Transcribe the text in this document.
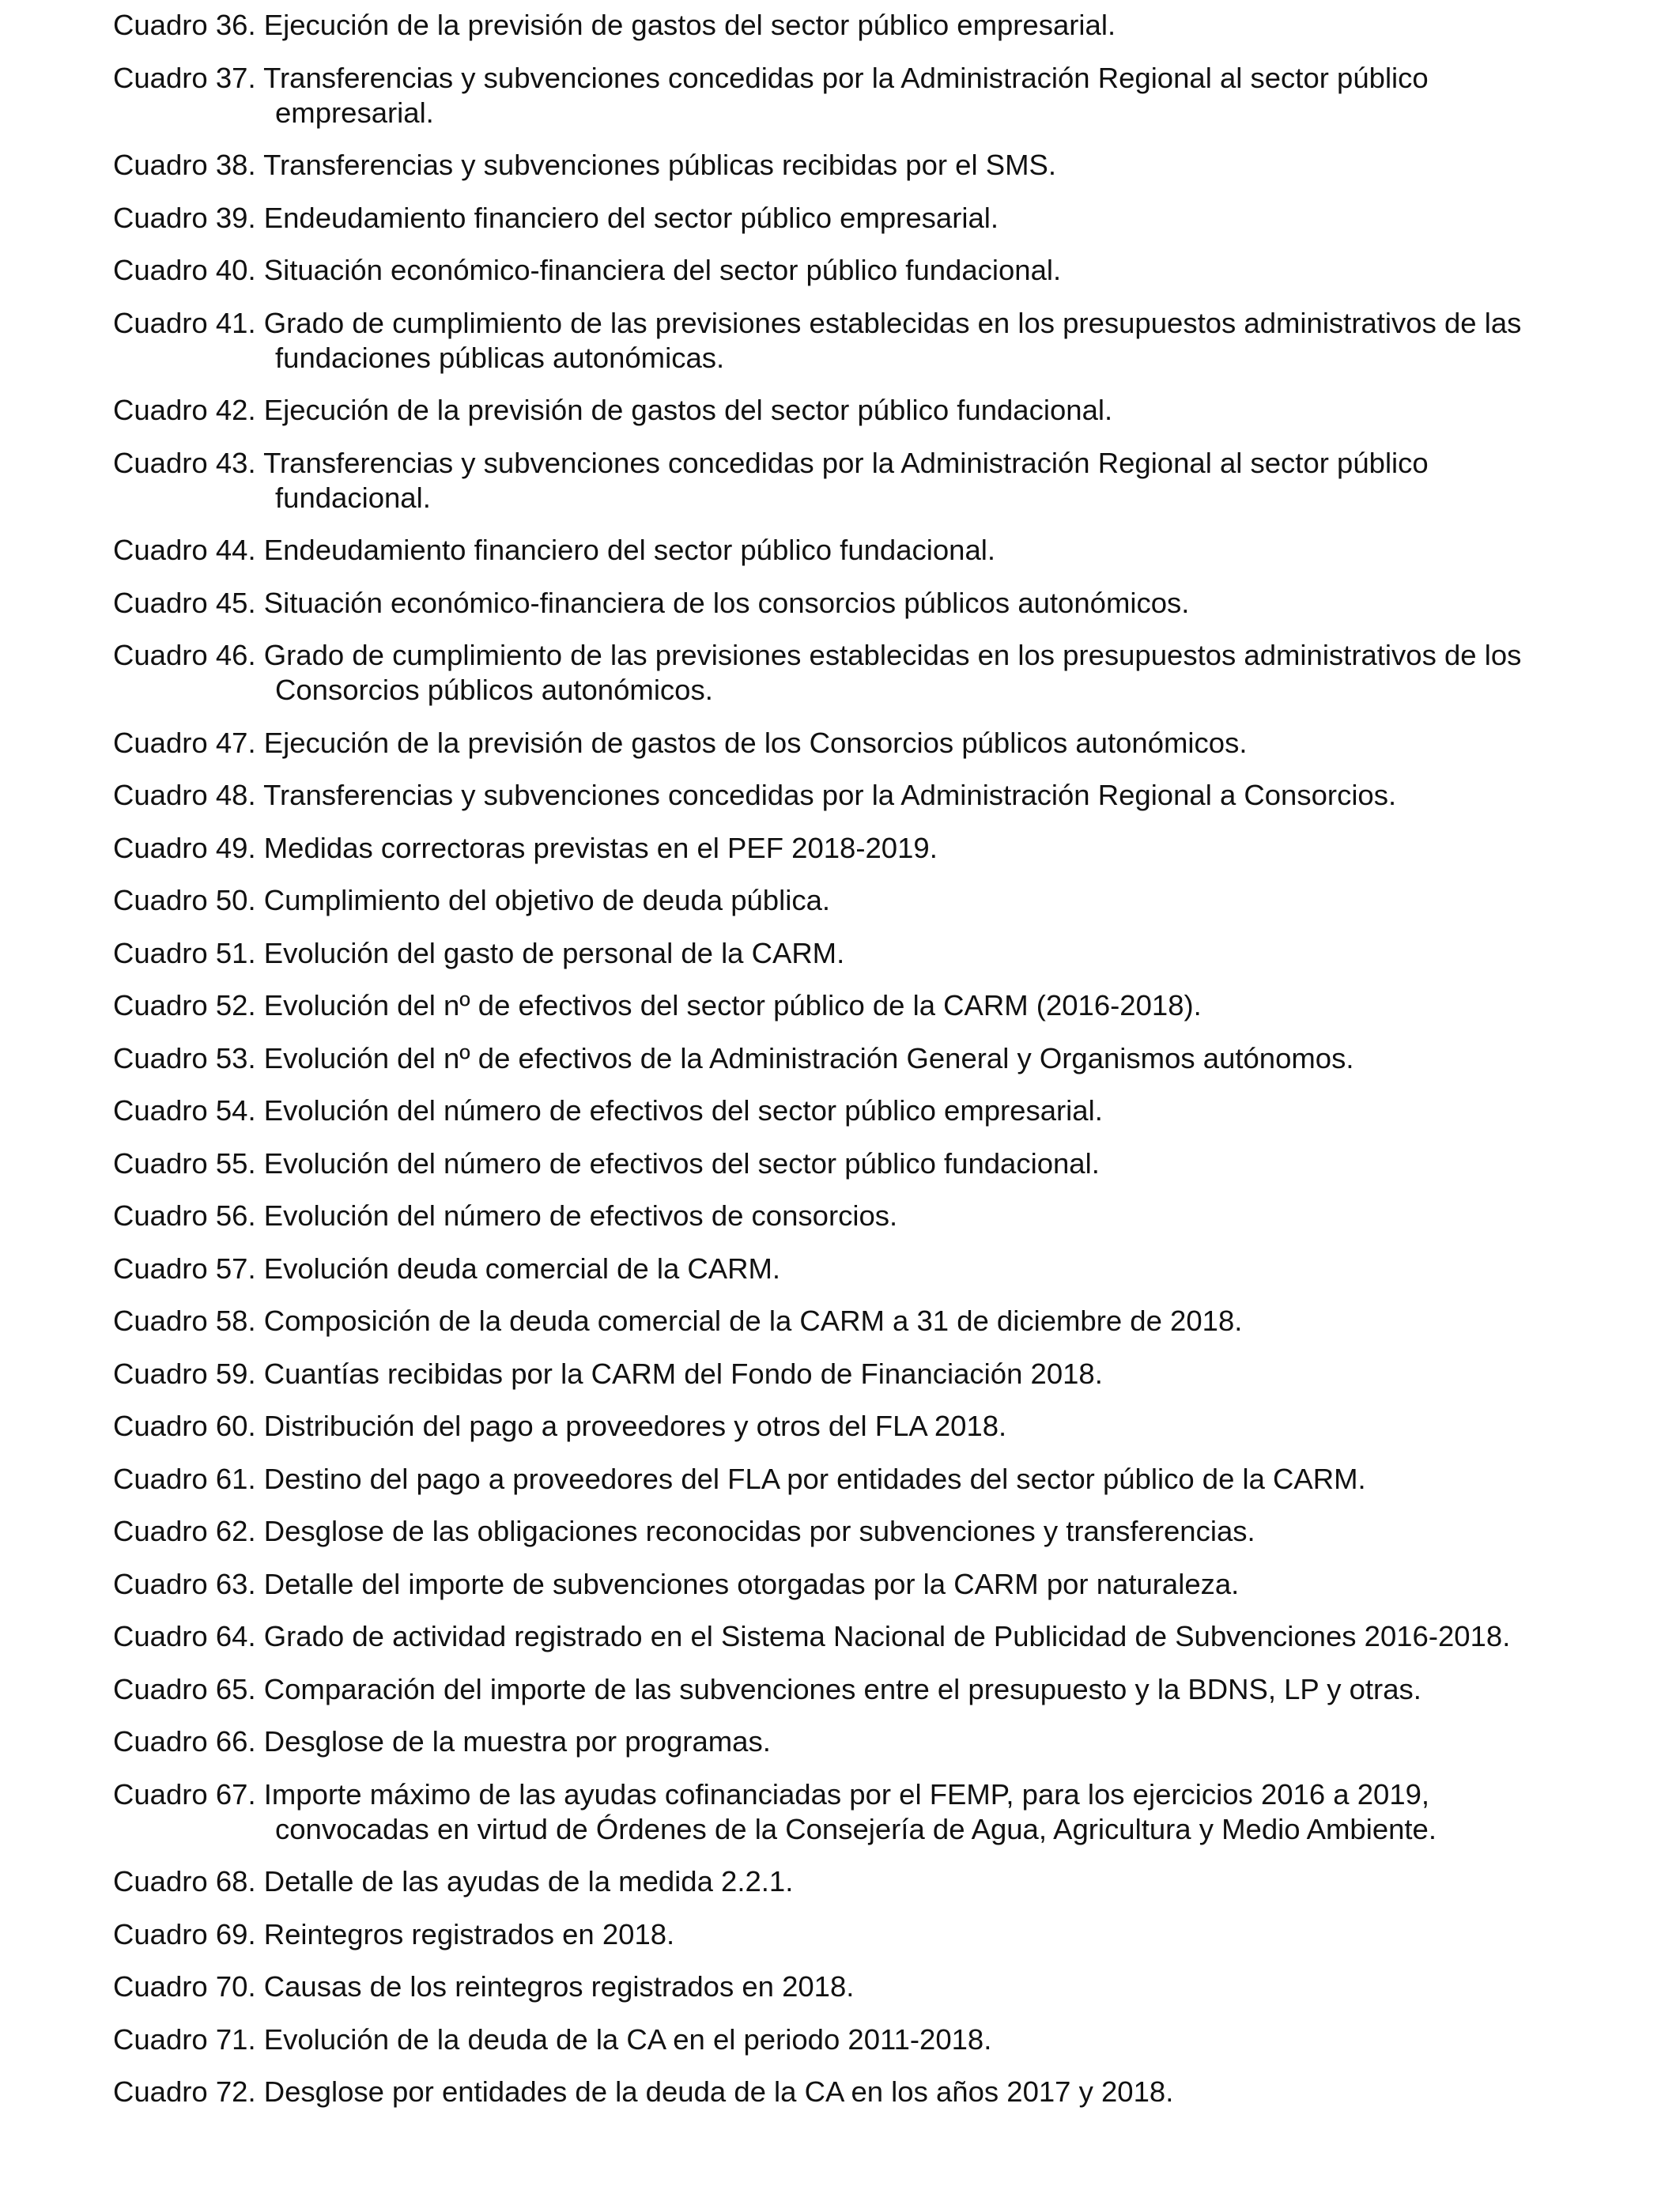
Cuadro 36. Ejecución de la previsión de gastos del sector público empresarial.
Cuadro 37. Transferencias y subvenciones concedidas por la Administración Regional al sector público empresarial.
Cuadro 38. Transferencias y subvenciones públicas recibidas por el SMS.
Cuadro 39. Endeudamiento financiero del sector público empresarial.
Cuadro 40. Situación económico-financiera del sector público fundacional.
Cuadro 41. Grado de cumplimiento de las previsiones establecidas en los presupuestos administrativos de las fundaciones públicas autonómicas.
Cuadro 42. Ejecución de la previsión de gastos del sector público fundacional.
Cuadro 43. Transferencias y subvenciones concedidas por la Administración Regional al sector público fundacional.
Cuadro 44. Endeudamiento financiero del sector público fundacional.
Cuadro 45. Situación económico-financiera de los consorcios públicos autonómicos.
Cuadro 46. Grado de cumplimiento de las previsiones establecidas en los presupuestos administrativos de los Consorcios públicos autonómicos.
Cuadro 47. Ejecución de la previsión de gastos de los Consorcios públicos autonómicos.
Cuadro 48. Transferencias y subvenciones concedidas por la Administración Regional a Consorcios.
Cuadro 49. Medidas correctoras previstas en el PEF 2018-2019.
Cuadro 50. Cumplimiento del objetivo de deuda pública.
Cuadro 51. Evolución del gasto de personal de la CARM.
Cuadro 52. Evolución del nº de efectivos del sector público de la CARM (2016-2018).
Cuadro 53. Evolución del nº de efectivos de la Administración General y Organismos autónomos.
Cuadro 54. Evolución del número de efectivos del sector público empresarial.
Cuadro 55. Evolución del número de efectivos del sector público fundacional.
Cuadro 56. Evolución del número de efectivos de consorcios.
Cuadro 57. Evolución deuda comercial de la CARM.
Cuadro 58. Composición de la deuda comercial de la CARM a 31 de diciembre de 2018.
Cuadro 59. Cuantías recibidas por la CARM del Fondo de Financiación 2018.
Cuadro 60. Distribución del pago a proveedores y otros del FLA 2018.
Cuadro 61. Destino del pago a proveedores del FLA por entidades del sector público de la CARM.
Cuadro 62. Desglose de las obligaciones reconocidas por subvenciones y transferencias.
Cuadro 63. Detalle del importe de subvenciones otorgadas por la CARM por naturaleza.
Cuadro 64. Grado de actividad registrado en el Sistema Nacional de Publicidad de Subvenciones 2016-2018.
Cuadro 65. Comparación del importe de las subvenciones entre el presupuesto y la BDNS, LP y otras.
Cuadro 66. Desglose de la muestra por programas.
Cuadro 67. Importe máximo de las ayudas cofinanciadas por el FEMP, para los ejercicios 2016 a 2019, convocadas en virtud de Órdenes de la Consejería de Agua, Agricultura y Medio Ambiente.
Cuadro 68. Detalle de las ayudas de la medida 2.2.1.
Cuadro 69. Reintegros registrados en 2018.
Cuadro 70. Causas de los reintegros registrados en 2018.
Cuadro 71. Evolución de la deuda de la CA en el periodo 2011-2018.
Cuadro 72. Desglose por entidades de la deuda de la CA en los años 2017 y 2018.
